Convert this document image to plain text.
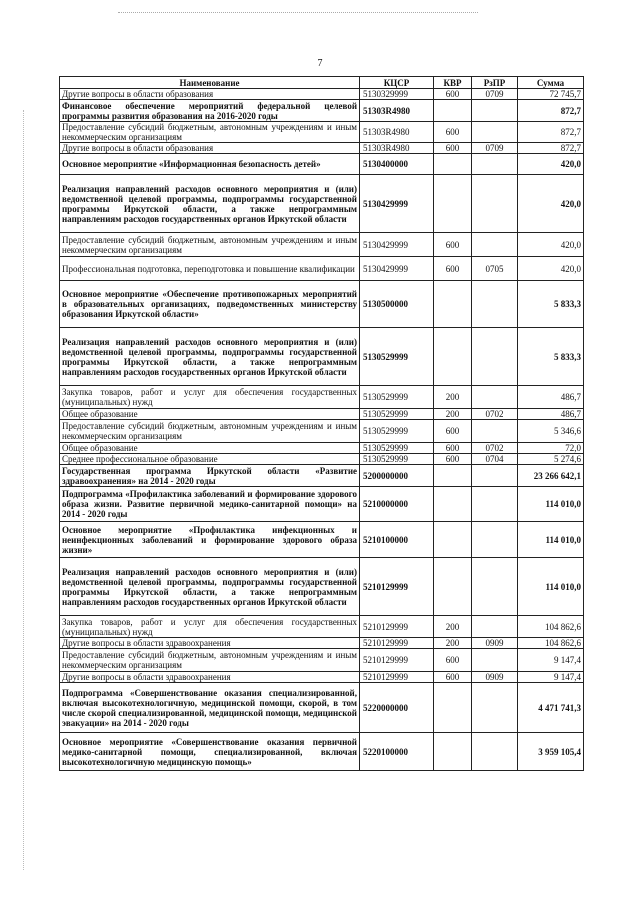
7
Наименование	КЦСР	КВР	РзПР	Сумма
Другие вопросы в области образования	5130329999	600	0709	72 745,7
Финансовое обеспечение мероприятий федеральной целевой программы развития образования на 2016-2020 годы	51303R4980			872,7
Предоставление субсидий бюджетным, автономным учреждениям и иным некоммерческим организациям	51303R4980	600		872,7
Другие вопросы в области образования	51303R4980	600	0709	872,7
Основное мероприятие «Информационная безопасность детей»	5130400000			420,0
Реализация направлений расходов основного мероприятия и (или) ведомственной целевой программы, подпрограммы государственной программы Иркутской области, а также непрограммным направлениям расходов государственных органов Иркутской области	5130429999			420,0
Предоставление субсидий бюджетным, автономным учреждениям и иным некоммерческим организациям	5130429999	600		420,0
Профессиональная подготовка, переподготовка и повышение квалификации	5130429999	600	0705	420,0
Основное мероприятие «Обеспечение противопожарных мероприятий в образовательных организациях, подведомственных министерству образования Иркутской области»	5130500000			5 833,3
Реализация направлений расходов основного мероприятия и (или) ведомственной целевой программы, подпрограммы государственной программы Иркутской области, а также непрограммным направлениям расходов государственных органов Иркутской области	5130529999			5 833,3
Закупка товаров, работ и услуг для обеспечения государственных (муниципальных) нужд	5130529999	200		486,7
Общее образование	5130529999	200	0702	486,7
Предоставление субсидий бюджетным, автономным учреждениям и иным некоммерческим организациям	5130529999	600		5 346,6
Общее образование	5130529999	600	0702	72,0
Среднее профессиональное образование	5130529999	600	0704	5 274,6
Государственная программа Иркутской области «Развитие здравоохранения» на 2014 - 2020 годы	5200000000			23 266 642,1
Подпрограмма «Профилактика заболеваний и формирование здорового образа жизни. Развитие первичной медико-санитарной помощи» на 2014 - 2020 годы	5210000000			114 010,0
Основное мероприятие «Профилактика инфекционных и неинфекционных заболеваний и формирование здорового образа жизни»	5210100000			114 010,0
Реализация направлений расходов основного мероприятия и (или) ведомственной целевой программы, подпрограммы государственной программы Иркутской области, а также непрограммным направлениям расходов государственных органов Иркутской области	5210129999			114 010,0
Закупка товаров, работ и услуг для обеспечения государственных (муниципальных) нужд	5210129999	200		104 862,6
Другие вопросы в области здравоохранения	5210129999	200	0909	104 862,6
Предоставление субсидий бюджетным, автономным учреждениям и иным некоммерческим организациям	5210129999	600		9 147,4
Другие вопросы в области здравоохранения	5210129999	600	0909	9 147,4
Подпрограмма «Совершенствование оказания специализированной, включая высокотехнологичную, медицинской помощи, скорой, в том числе скорой специализированной, медицинской помощи, медицинской эвакуации» на 2014 - 2020 годы	5220000000			4 471 741,3
Основное мероприятие «Совершенствование оказания первичной медико-санитарной помощи, специализированной, включая высокотехнологичную медицинскую помощь»	5220100000			3 959 105,4
